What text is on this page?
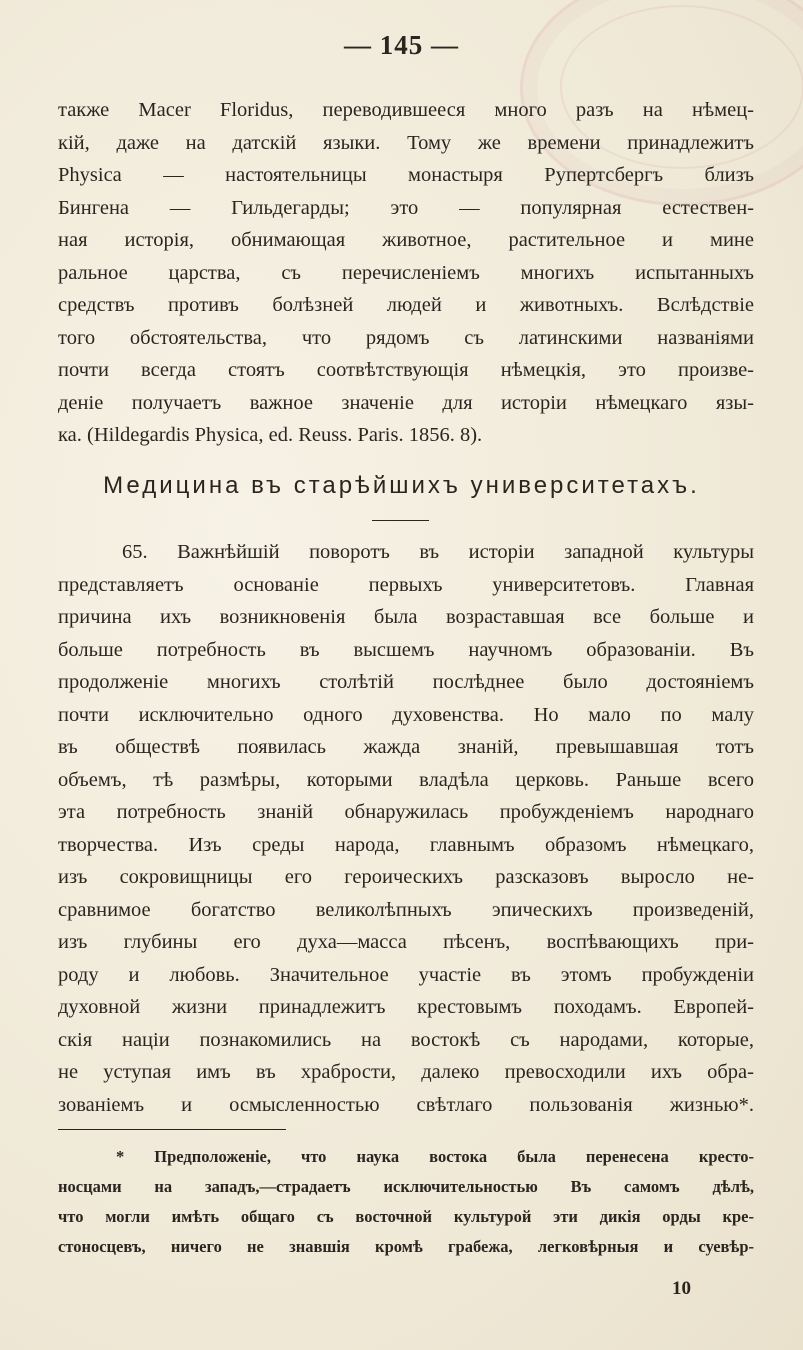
— 145 —
также Macer Floridus, переводившееся много разъ на нѣмец-
кій, даже на датскій языки. Тому же времени принадлежитъ
Physica — настоятельницы монастыря Рупертсбергъ близъ
Бингена — Гильдегарды; это — популярная естествен-
ная исторія, обнимающая животное, растительное и мине
ральное царства, съ перечисленіемъ многихъ испытанныхъ
средствъ противъ болѣзней людей и животныхъ. Вслѣдствіе
того обстоятельства, что рядомъ съ латинскими названіями
почти всегда стоятъ соотвѣтствующія нѣмецкія, это произве-
деніе получаетъ важное значеніе для исторіи нѣмецкаго язы-
ка. (Hildegardis Physica, ed. Reuss. Paris. 1856. 8).
Медицина въ старѣйшихъ университетахъ.
65. Важнѣйшій поворотъ въ исторіи западной культуры
представляетъ основаніе первыхъ университетовъ. Главная
причина ихъ возникновенія была возраставшая все больше и
больше потребность въ высшемъ научномъ образованіи. Въ
продолженіе многихъ столѣтій послѣднее было достояніемъ
почти исключительно одного духовенства. Но мало по малу
въ обществѣ появилась жажда знаній, превышавшая тотъ
объемъ, тѣ размѣры, которыми владѣла церковь. Раньше всего
эта потребность знаній обнаружилась пробужденіемъ народнаго
творчества. Изъ среды народа, главнымъ образомъ нѣмецкаго,
изъ сокровищницы его героическихъ разсказовъ выросло не-
сравнимое богатство великолѣпныхъ эпическихъ произведеній,
изъ глубины его духа—масса пѣсенъ, воспѣвающихъ при-
роду и любовь. Значительное участіе въ этомъ пробужденіи
духовной жизни принадлежитъ крестовымъ походамъ. Европей-
скія націи познакомились на востокѣ съ народами, которые,
не уступая имъ въ храбрости, далеко превосходили ихъ обра-
зованіемъ и осмысленностью свѣтлаго пользованія жизнью*.
* Предположеніе, что наука востока была перенесена кресто-
носцами на западъ,—страдаетъ исключительностью Въ самомъ дѣлѣ,
что могли имѣть общаго съ восточной культурой эти дикія орды кре-
стоносцевъ, ничего не знавшія кромѣ грабежа, легковѣрныя и суевѣр-
10
